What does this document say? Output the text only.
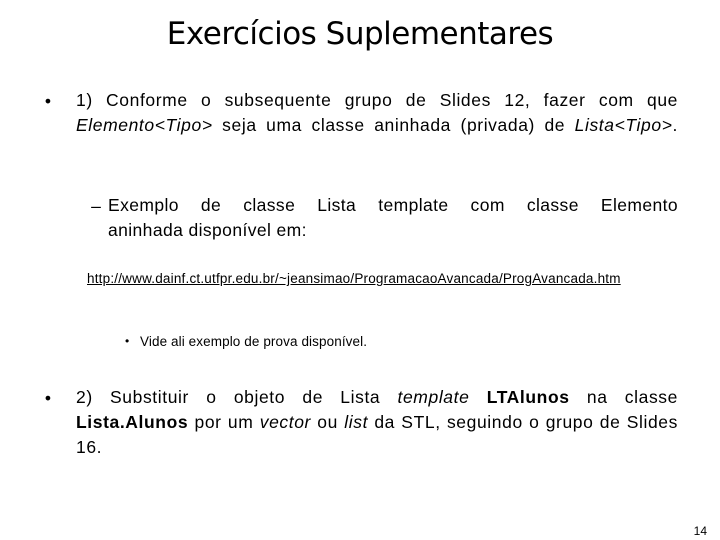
Exercícios Suplementares
• 1) Conforme o subsequente grupo de Slides 12, fazer com que Elemento<Tipo> seja uma classe aninhada (privada) de Lista<Tipo>.
– Exemplo de classe Lista template com classe Elemento
aninhada disponível em:
http://www.dainf.ct.utfpr.edu.br/~jeansimao/ProgramacaoAvancada/ProgAvancada.htm
• Vide ali exemplo de prova disponível.
• 2) Substituir o objeto de Lista template LTAlunos na classe Lista.Alunos por um vector ou list da STL, seguindo o grupo de Slides 16.
14
